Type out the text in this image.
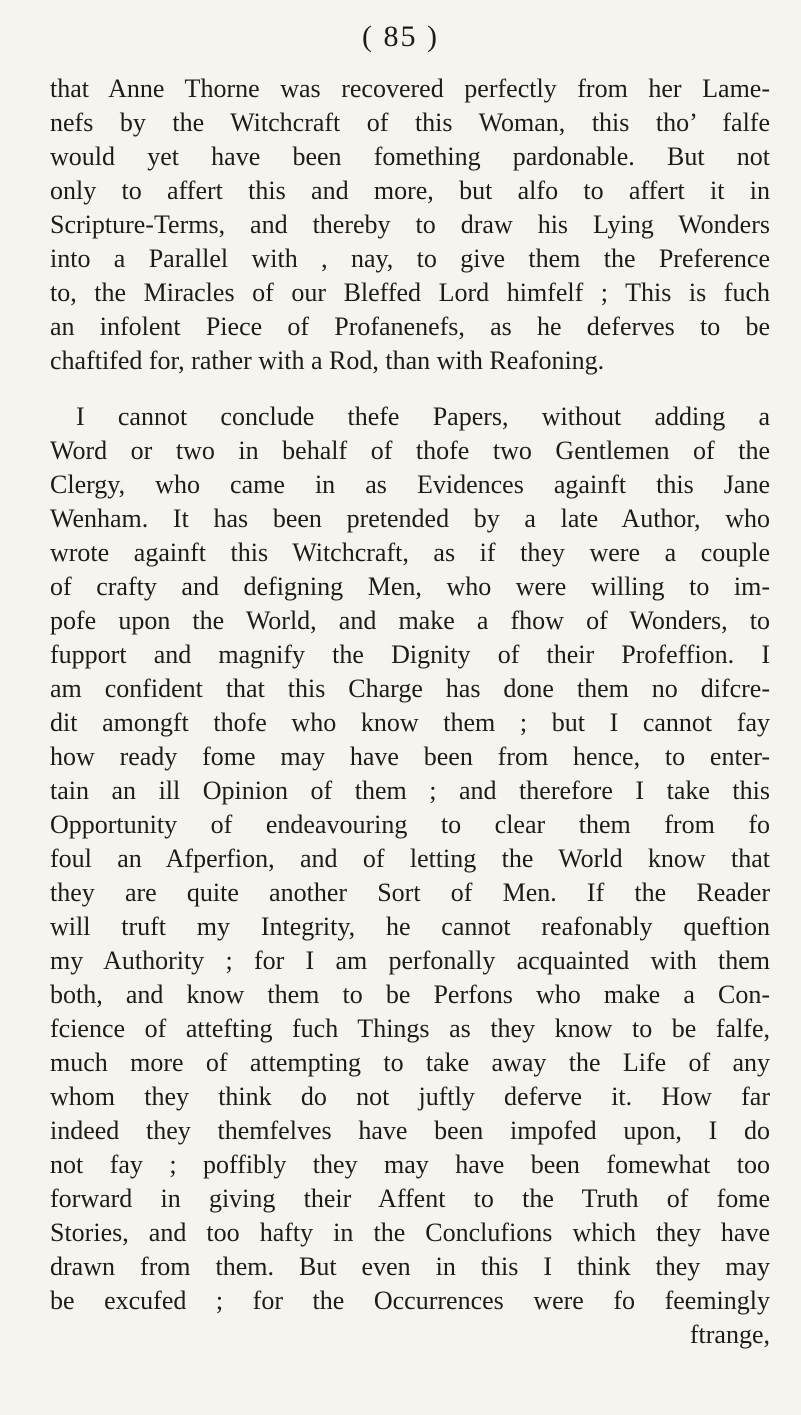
( 85 )
that Anne Thorne was recovered perfectly from her Lame-
nefs by the Witchcraft of this Woman, this tho’ falfe
would yet have been fomething pardonable. But not
only to affert this and more, but alfo to affert it in
Scripture-Terms, and thereby to draw his Lying Wonders
into a Parallel with , nay, to give them the Preference
to, the Miracles of our Bleffed Lord himfelf ; This is fuch
an infolent Piece of Profanenefs, as he deferves to be
chaftifed for, rather with a Rod, than with Reafoning.
I cannot conclude thefe Papers, without adding a
Word or two in behalf of thofe two Gentlemen of the
Clergy, who came in as Evidences againft this Jane
Wenham. It has been pretended by a late Author, who
wrote againft this Witchcraft, as if they were a couple
of crafty and defigning Men, who were willing to im-
pofe upon the World, and make a fhow of Wonders, to
fupport and magnify the Dignity of their Profeffion. I
am confident that this Charge has done them no difcre-
dit amongft thofe who know them ; but I cannot fay
how ready fome may have been from hence, to enter-
tain an ill Opinion of them ; and therefore I take this
Opportunity of endeavouring to clear them from fo
foul an Afperfion, and of letting the World know that
they are quite another Sort of Men. If the Reader
will truft my Integrity, he cannot reafonably queftion
my Authority ; for I am perfonally acquainted with them
both, and know them to be Perfons who make a Con-
fcience of attefting fuch Things as they know to be falfe,
much more of attempting to take away the Life of any
whom they think do not juftly deferve it. How far
indeed they themfelves have been impofed upon, I do
not fay ; poffibly they may have been fomewhat too
forward in giving their Affent to the Truth of fome
Stories, and too hafty in the Conclufions which they have
drawn from them. But even in this I think they may
be excufed ; for the Occurrences were fo feemingly
ftrange,
